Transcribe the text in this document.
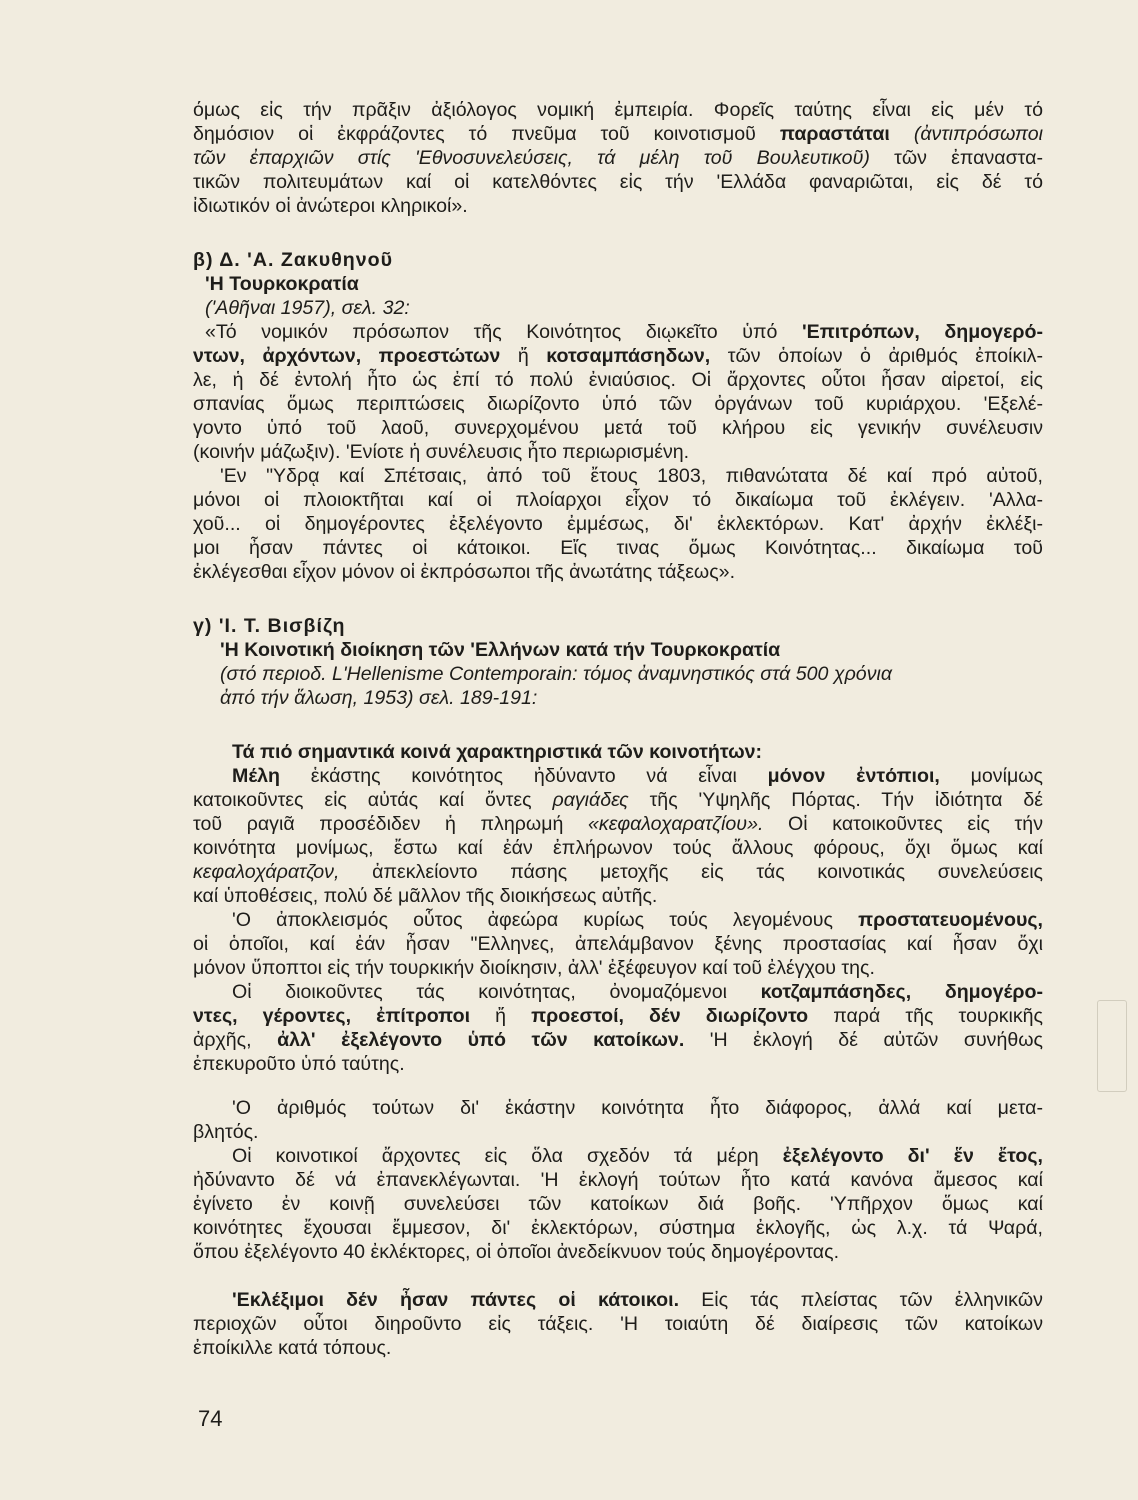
όμως εἰς τήν πρᾶξιν ἀξιόλογος νομική ἐμπειρία. Φορεῖς ταύτης εἶναι εἰς μέν τό
δημόσιον οἱ ἐκφράζοντες τό πνεῦμα τοῦ κοινοτισμοῦ παραστάται (ἀντιπρόσωποι
τῶν ἐπαρχιῶν στίς 'Εθνοσυνελεύσεις, τά μέλη τοῦ Βουλευτικοῦ) τῶν ἐπαναστα-
τικῶν πολιτευμάτων καί οἱ κατελθόντες εἰς τήν 'Ελλάδα φαναριῶται, εἰς δέ τό
ἰδιωτικόν οἱ ἀνώτεροι κληρικοί».
β) Δ. 'Α. Ζακυθηνοῦ
'Η Τουρκοκρατία
('Αθῆναι 1957), σελ. 32:
«Τό νομικόν πρόσωπον τῆς Κοινότητος διῳκεῖτο ὑπό 'Επιτρόπων, δημογερό-
ντων, ἀρχόντων, προεστώτων ἤ κοτσαμπάσηδων, τῶν ὁποίων ὁ ἀριθμός ἐποίκιλ-
λε, ἡ δέ ἐντολή ἦτο ὡς ἐπί τό πολύ ἐνιαύσιος. Οἱ ἄρχοντες οὗτοι ἦσαν αἱρετοί, εἰς
σπανίας ὅμως περιπτώσεις διωρίζοντο ὑπό τῶν ὀργάνων τοῦ κυριάρχου. 'Εξελέ-
γοντο ὑπό τοῦ λαοῦ, συνερχομένου μετά τοῦ κλήρου εἰς γενικήν συνέλευσιν
(κοινήν μάζωξιν). 'Ενίοτε ἡ συνέλευσις ἦτο περιωρισμένη.
'Εν "Υδρᾳ καί Σπέτσαις, ἀπό τοῦ ἔτους 1803, πιθανώτατα δέ καί πρό αὐτοῦ,
μόνοι οἱ πλοιοκτῆται καί οἱ πλοίαρχοι εἶχον τό δικαίωμα τοῦ ἐκλέγειν. 'Αλλα-
χοῦ... οἱ δημογέροντες ἐξελέγοντο ἐμμέσως, δι' ἐκλεκτόρων. Κατ' ἀρχήν ἐκλέξι-
μοι ἦσαν πάντες οἱ κάτοικοι. Εἴς τινας ὅμως Κοινότητας... δικαίωμα τοῦ
ἐκλέγεσθαι εἶχον μόνον οἱ ἐκπρόσωποι τῆς ἀνωτάτης τάξεως».
γ) 'Ι. Τ. Βισβίζη
'Η Κοινοτική διοίκηση τῶν 'Ελλήνων κατά τήν Τουρκοκρατία
(στό περιοδ. L'Hellenisme Contemporain: τόμος ἀναμνηστικός στά 500 χρόνια
ἀπό τήν ἅλωση, 1953) σελ. 189-191:
Τά πιό σημαντικά κοινά χαρακτηριστικά τῶν κοινοτήτων:
Μέλη ἑκάστης κοινότητος ἠδύναντο νά εἶναι μόνον ἐντόπιοι, μονίμως
κατοικοῦντες εἰς αὐτάς καί ὄντες ραγιάδες τῆς 'Υψηλῆς Πόρτας. Τήν ἰδιότητα δέ
τοῦ ραγιᾶ προσέδιδεν ἡ πληρωμή «κεφαλοχαρατζίου». Οἱ κατοικοῦντες εἰς τήν
κοινότητα μονίμως, ἔστω καί ἐάν ἐπλήρωνον τούς ἄλλους φόρους, ὄχι ὅμως καί
κεφαλοχάρατζον, ἀπεκλείοντο πάσης μετοχῆς εἰς τάς κοινοτικάς συνελεύσεις
καί ὑποθέσεις, πολύ δέ μᾶλλον τῆς διοικήσεως αὐτῆς.
'Ο ἀποκλεισμός οὗτος ἀφεώρα κυρίως τούς λεγομένους προστατευομένους,
οἱ ὁποῖοι, καί ἐάν ἦσαν "Ελληνες, ἀπελάμβανον ξένης προστασίας καί ἦσαν ὄχι
μόνον ὕποπτοι εἰς τήν τουρκικήν διοίκησιν, ἀλλ' ἐξέφευγον καί τοῦ ἐλέγχου της.
Οἱ διοικοῦντες τάς κοινότητας, ὀνομαζόμενοι κοτζαμπάσηδες, δημογέρο-
ντες, γέροντες, ἐπίτροποι ἤ προεστοί, δέν διωρίζοντο παρά τῆς τουρκικῆς
ἀρχῆς, ἀλλ' ἐξελέγοντο ὑπό τῶν κατοίκων. 'Η ἐκλογή δέ αὐτῶν συνήθως
ἐπεκυροῦτο ὑπό ταύτης.
'Ο ἀριθμός τούτων δι' ἑκάστην κοινότητα ἦτο διάφορος, ἀλλά καί μετα-
βλητός.
Οἱ κοινοτικοί ἄρχοντες εἰς ὅλα σχεδόν τά μέρη ἐξελέγοντο δι' ἕν ἔτος,
ἠδύναντο δέ νά ἐπανεκλέγωνται. 'Η ἐκλογή τούτων ἦτο κατά κανόνα ἄμεσος καί
ἐγίνετο ἐν κοινῇ συνελεύσει τῶν κατοίκων διά βοῆς. 'Υπῆρχον ὅμως καί
κοινότητες ἔχουσαι ἔμμεσον, δι' ἐκλεκτόρων, σύστημα ἐκλογῆς, ὡς λ.χ. τά Ψαρά,
ὅπου ἐξελέγοντο 40 ἐκλέκτορες, οἱ ὁποῖοι ἀνεδείκνυον τούς δημογέροντας.
'Εκλέξιμοι δέν ἦσαν πάντες οἱ κάτοικοι. Εἰς τάς πλείστας τῶν ἑλληνικῶν
περιοχῶν οὗτοι διηροῦντο εἰς τάξεις. 'Η τοιαύτη δέ διαίρεσις τῶν κατοίκων
ἐποίκιλλε κατά τόπους.
74
